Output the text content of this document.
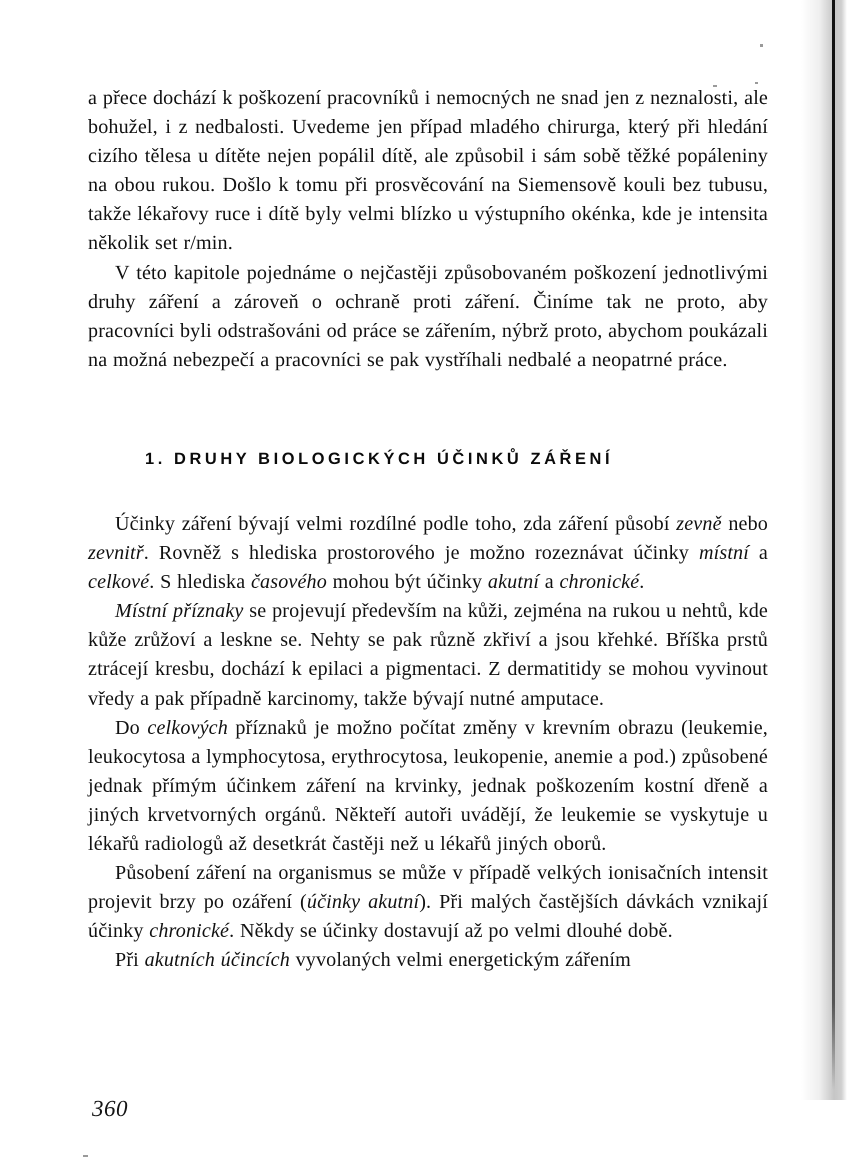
a přece dochází k poškození pracovníků i nemocných ne snad jen z neznalosti, ale bohužel, i z nedbalosti. Uvedeme jen případ mladého chirurga, který při hledání cizího tělesa u dítěte nejen popálil dítě, ale způsobil i sám sobě těžké popáleniny na obou rukou. Došlo k tomu při prosvěcování na Siemensově kouli bez tubusu, takže lékařovy ruce i dítě byly velmi blízko u výstupního okénka, kde je intensita několik set r/min.

V této kapitole pojednáme o nejčastěji způsobovaném poškození jednotlivými druhy záření a zároveň o ochraně proti záření. Činíme tak ne proto, aby pracovníci byli odstrašováni od práce se zářením, nýbrž proto, abychom poukázali na možná nebezpečí a pracovníci se pak vystříhali nedbalé a neopatrné práce.

1. DRUHY BIOLOGICKÝCH ÚČINKŮ ZÁŘENÍ

Účinky záření bývají velmi rozdílné podle toho, zda záření působí zevně nebo zevnitř. Rovněž s hlediska prostorového je možno rozeznávat účinky místní a celkové. S hlediska časového mohou být účinky akutní a chronické.

Místní příznaky se projevují především na kůži, zejména na rukou u nehtů, kde kůže zrůžoví a leskne se. Nehty se pak různě zkřiví a jsou křehké. Bříška prstů ztrácejí kresbu, dochází k epilaci a pigmentaci. Z dermatitidy se mohou vyvinout vředy a pak případně karcinomy, takže bývají nutné amputace.

Do celkových příznaků je možno počítat změny v krevním obrazu (leukemie, leukocytosa a lymphocytosa, erythrocytosa, leukopenie, anemie a pod.) způsobené jednak přímým účinkem záření na krvinky, jednak poškozením kostní dřeně a jiných krvetvorných orgánů. Někteří autoři uvádějí, že leukemie se vyskytuje u lékařů radiologů až desetkrát častěji než u lékařů jiných oborů.

Působení záření na organismus se může v případě velkých ionisačních intensit projevit brzy po ozáření (účinky akutní). Při malých častějších dávkách vznikají účinky chronické. Někdy se účinky dostavují až po velmi dlouhé době.

Při akutních účincích vyvolaných velmi energetickým zářením

360
